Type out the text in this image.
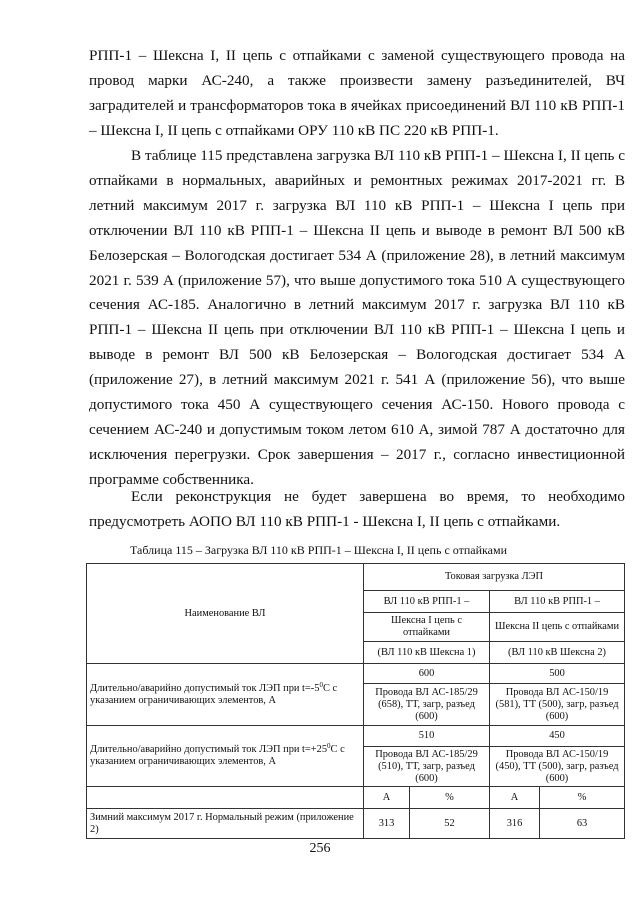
РПП-1 – Шексна I, II цепь с отпайками с заменой существующего провода на провод марки АС-240, а также произвести замену разъединителей, ВЧ заградителей и трансформаторов тока в ячейках присоединений ВЛ 110 кВ РПП-1 – Шексна I, II цепь с отпайками ОРУ 110 кВ ПС 220 кВ РПП-1.

В таблице 115 представлена загрузка ВЛ 110 кВ РПП-1 – Шексна I, II цепь с отпайками в нормальных, аварийных и ремонтных режимах 2017-2021 гг. В летний максимум 2017 г. загрузка ВЛ 110 кВ РПП-1 – Шексна I цепь при отключении ВЛ 110 кВ РПП-1 – Шексна II цепь и выводе в ремонт ВЛ 500 кВ Белозерская – Вологодская достигает 534 А (приложение 28), в летний максимум 2021 г. 539 А (приложение 57), что выше допустимого тока 510 А существующего сечения АС-185. Аналогично в летний максимум 2017 г. загрузка ВЛ 110 кВ РПП-1 – Шексна II цепь при отключении ВЛ 110 кВ РПП-1 – Шексна I цепь и выводе в ремонт ВЛ 500 кВ Белозерская – Вологодская достигает 534 А (приложение 27), в летний максимум 2021 г. 541 А (приложение 56), что выше допустимого тока 450 А существующего сечения АС-150. Нового провода с сечением АС-240 и допустимым током летом 610 А, зимой 787 А достаточно для исключения перегрузки. Срок завершения – 2017 г., согласно инвестиционной программе собственника.

Если реконструкция не будет завершена во время, то необходимо предусмотреть АОПО ВЛ 110 кВ РПП-1 - Шексна I, II цепь с отпайками.

Таблица 115 – Загрузка ВЛ 110 кВ РПП-1 – Шексна I, II цепь с отпайками

Наименование ВЛ	Токовая загрузка ЛЭП			
	ВЛ 110 кВ РПП-1 –		ВЛ 110 кВ РПП-1 –	
	Шексна I цепь с отпайками		Шексна II цепь с отпайками	
	(ВЛ 110 кВ Шексна 1)		(ВЛ 110 кВ Шексна 2)	
Длительно/аварийно допустимый ток ЛЭП при $t=-5^0С$ с указанием ограничивающих элементов, А	600		500	
	Провода ВЛ АС-185/29 (658), ТТ, загр, разъед (600)		Провода ВЛ АС-150/19 (581), ТТ (500), загр, разъед (600)	
Длительно/аварийно допустимый ток ЛЭП при $t=+25^0С$ с указанием ограничивающих элементов, А	510		450	
	Провода ВЛ АС-185/29 (510), ТТ, загр, разъед (600)		Провода ВЛ АС-150/19 (450), ТТ (500), загр, разъед (600)	
	А	%	А	%
Зимний максимум 2017 г. Нормальный режим (приложение 2)	313	52	316	63

256
